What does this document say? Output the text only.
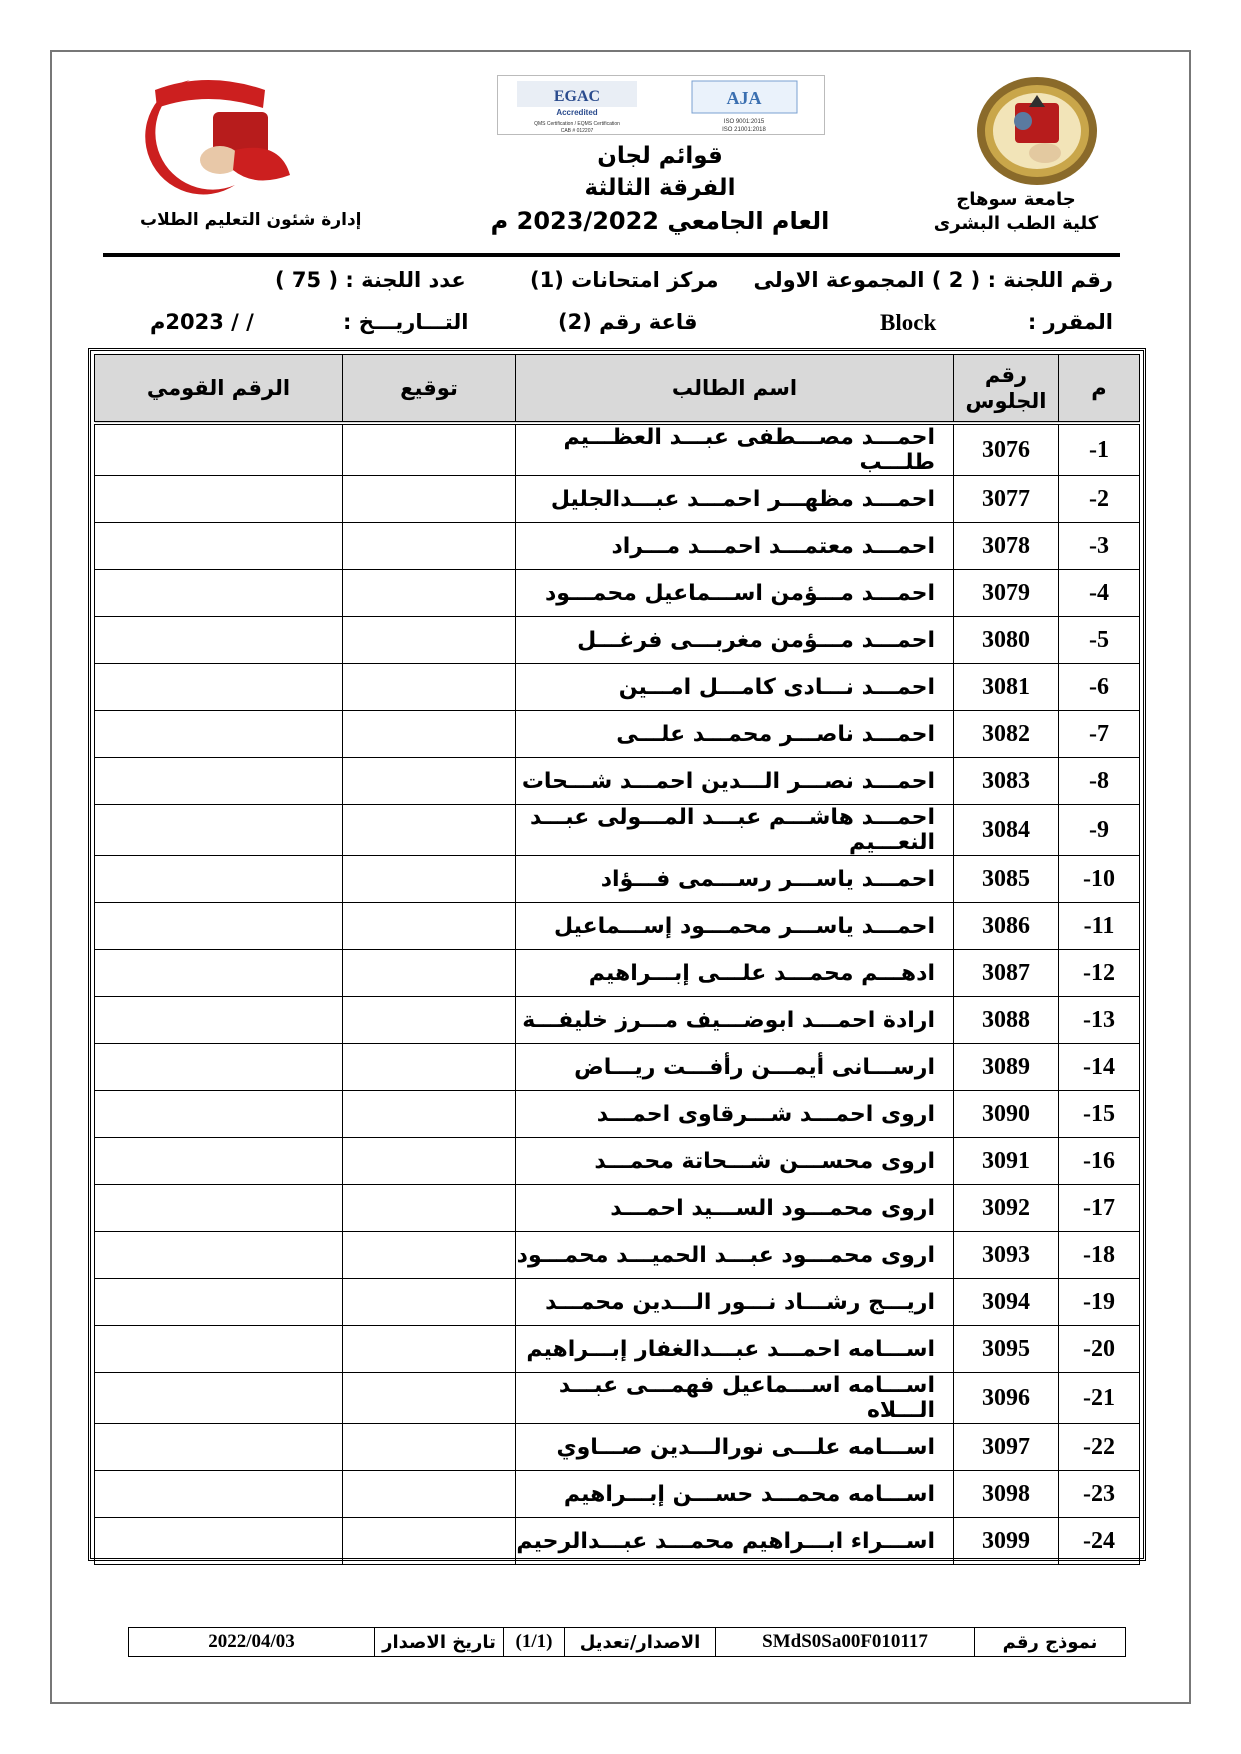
إدارة شئون التعليم الطلاب
EGAC
Accredited
QMS Certification / EQMS Certification
CAB # 012207
AJA
ISO 9001:2015
ISO 21001:2018
قوائم لجان
الفرقة الثالثة
العام الجامعي 2023/2022 م
جامعة سوهاج
كلية الطب البشرى
رقم اللجنة : ( 2 ) المجموعة الاولى
مركز امتحانات (1)
عدد اللجنة : ( 75 )
المقرر :
Block
قاعة رقم (2)
التـــاريـــخ :
/ / 2023م
م	رقم الجلوس	اسم الطالب	توقيع	الرقم القومي
1-	3076	احمـــد مصـــطفى عبـــد العظـــيم طلـــب		
2-	3077	احمـــد مظهـــر احمـــد عبـــدالجليل		
3-	3078	احمـــد معتمـــد احمـــد مـــراد		
4-	3079	احمـــد مـــؤمن اســـماعيل محمـــود		
5-	3080	احمـــد مـــؤمن مغربـــى فرغـــل		
6-	3081	احمـــد نـــادى كامـــل امـــين		
7-	3082	احمـــد ناصـــر محمـــد علـــى		
8-	3083	احمـــد نصـــر الـــدين احمـــد شـــحات		
9-	3084	احمـــد هاشـــم عبـــد المـــولى عبـــد النعـــيم		
10-	3085	احمـــد ياســـر رســـمى فـــؤاد		
11-	3086	احمـــد ياســـر محمـــود إســـماعيل		
12-	3087	ادهـــم محمـــد علـــى إبـــراهيم		
13-	3088	ارادة احمـــد ابوضـــيف مـــرز خليفـــة		
14-	3089	ارســـانى أيمـــن رأفـــت ريـــاض		
15-	3090	اروى احمـــد شـــرقاوى احمـــد		
16-	3091	اروى محســـن شـــحاتة محمـــد		
17-	3092	اروى محمـــود الســـيد احمـــد		
18-	3093	اروى محمـــود عبـــد الحميـــد محمـــود		
19-	3094	اريـــج رشـــاد نـــور الـــدين محمـــد		
20-	3095	اســـامه احمـــد عبـــدالغفار إبـــراهيم		
21-	3096	اســـامه اســـماعيل فهمـــى عبـــد الـــلاه		
22-	3097	اســـامه علـــى نورالـــدين صـــاوي		
23-	3098	اســـامه محمـــد حســـن إبـــراهيم		
24-	3099	اســـراء ابـــراهيم محمـــد عبـــدالرحيم		
نموذج رقم
SMdS0Sa00F010117
الاصدار/تعديل
(1/1)
تاريخ الاصدار
2022/04/03
